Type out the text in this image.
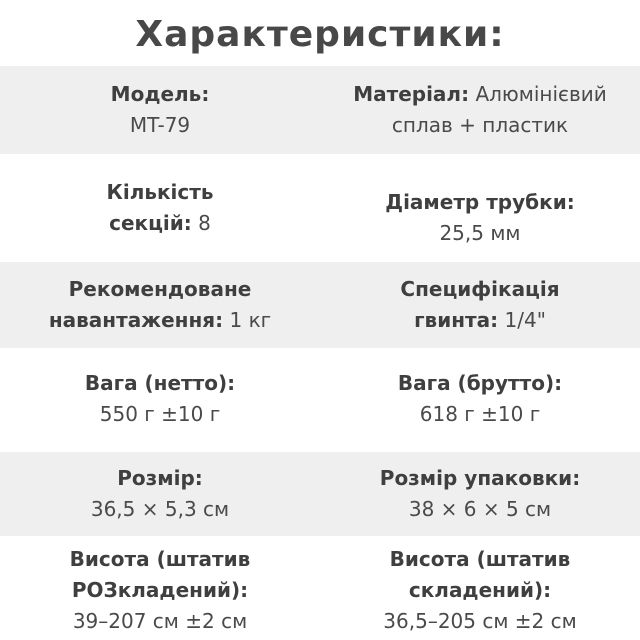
Характеристики:
Модель:
MT-79
Матеріал: Алюмінієвий
сплав + пластик
Кількість
секцій: 8
Діаметр трубки:
25,5 мм
Рекомендоване
навантаження: 1 кг
Специфікація
гвинта: 1/4"
Вага (нетто):
550 г ±10 г
Вага (брутто):
618 г ±10 г
Розмір:
36,5 × 5,3 см
Розмір упаковки:
38 × 6 × 5 см
Висота (штатив
РОЗкладений):
39–207 см ±2 см
Висота (штатив
складений):
36,5–205 см ±2 см
